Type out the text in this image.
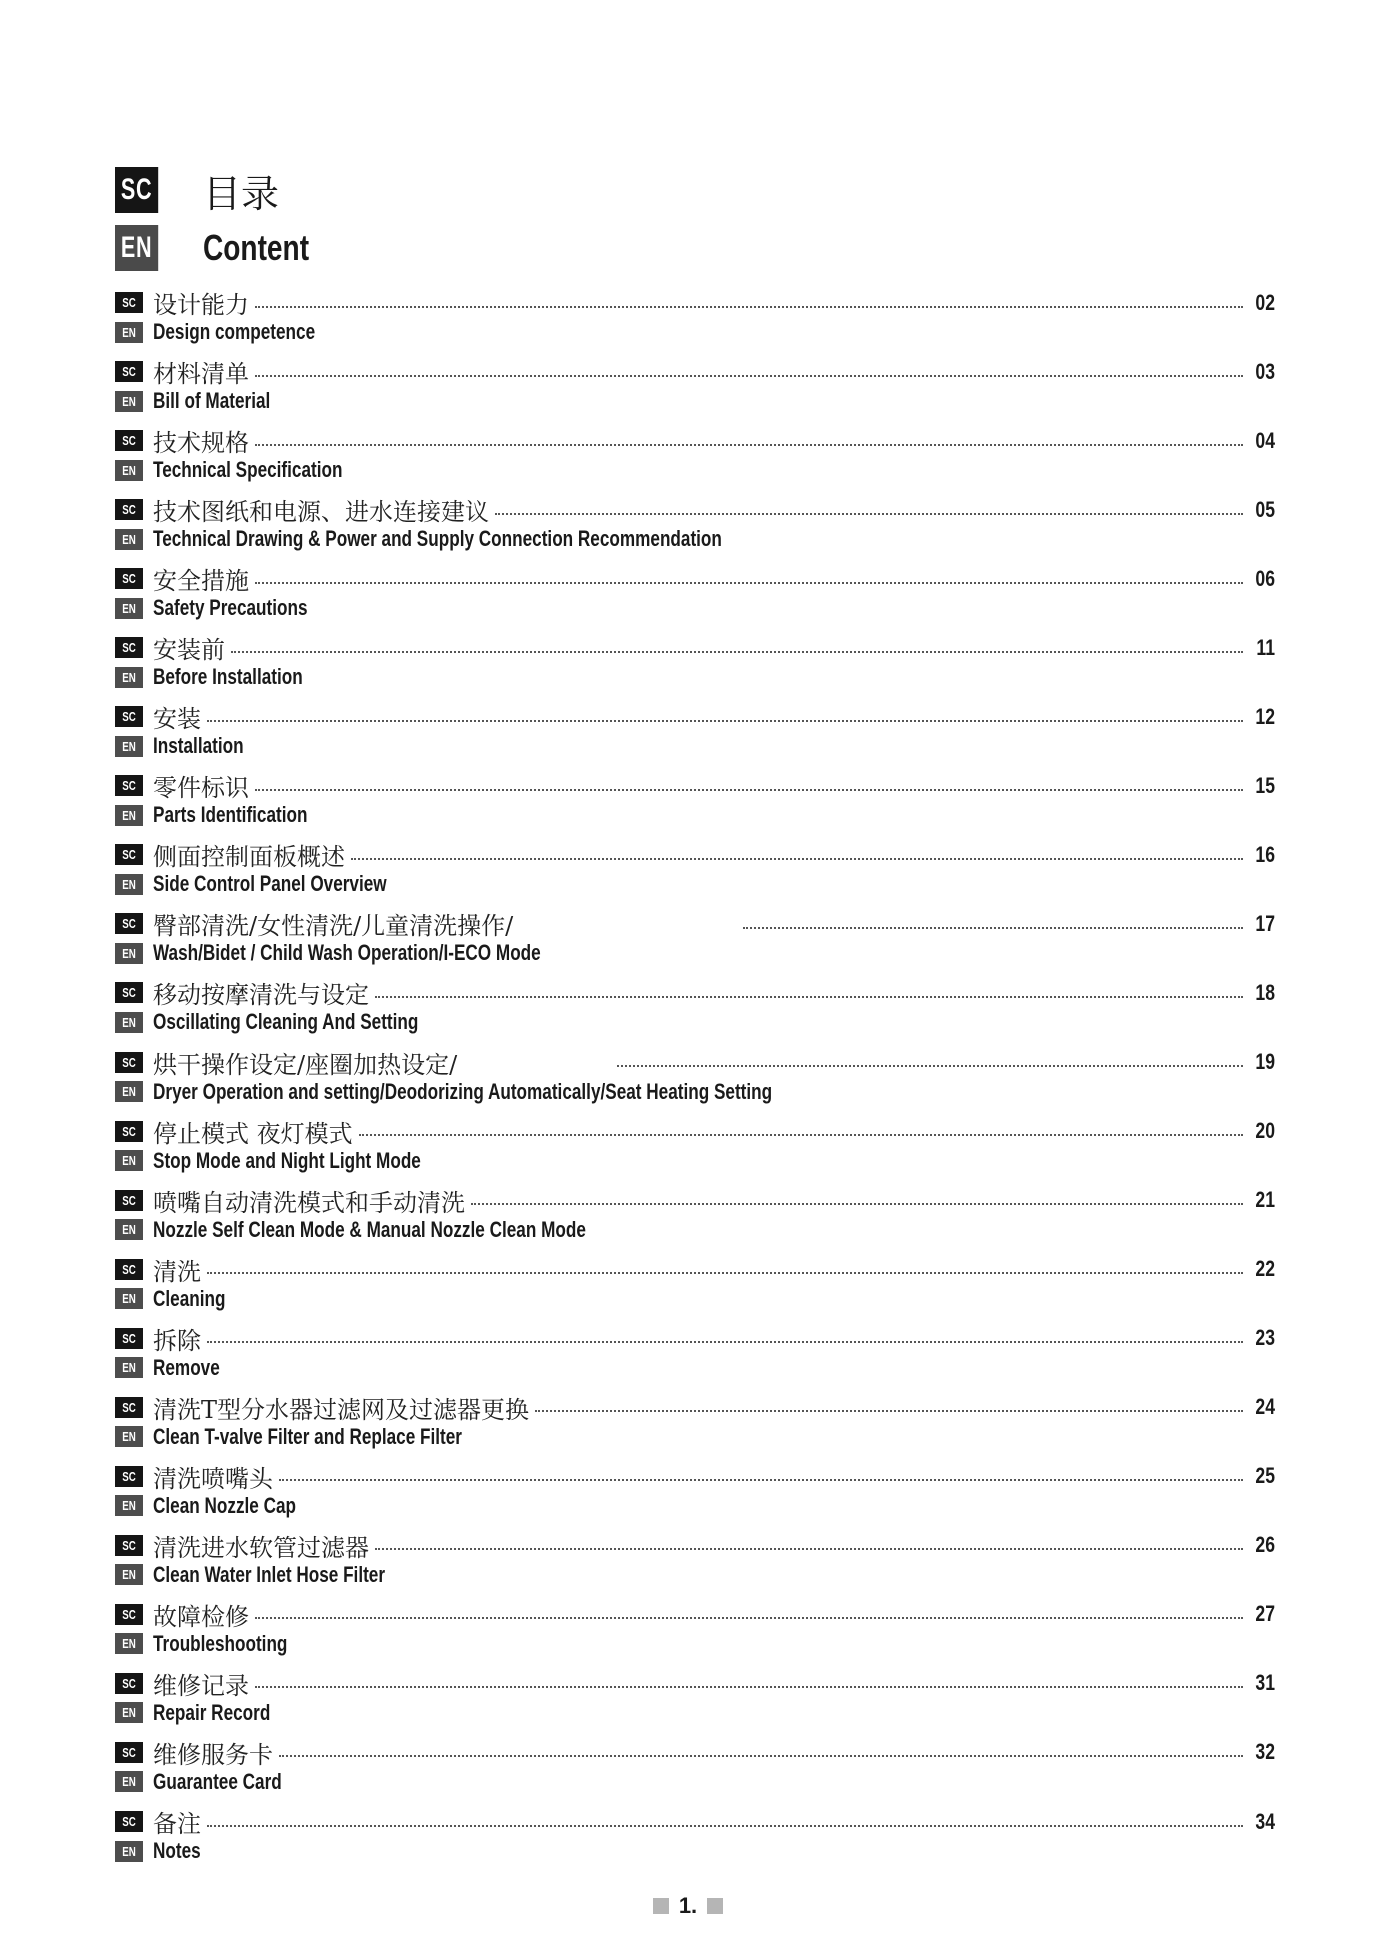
SC 目录
EN Content
SC 设计能力	02
EN Design competence
SC 材料清单	03
EN Bill of Material
SC 技术规格	04
EN Technical Specification
SC 技术图纸和电源、进水连接建议	05
EN Technical Drawing & Power and Supply Connection Recommendation
SC 安全措施	06
EN Safety Precautions
SC 安装前	11
EN Before Installation
SC 安装	12
EN Installation
SC 零件标识	15
EN Parts Identification
SC 侧面控制面板概述	16
EN Side Control Panel Overview
SC 臀部清洗/女性清洗/儿童清洗操作/	17
EN Wash/Bidet / Child Wash Operation/I-ECO Mode
SC 移动按摩清洗与设定	18
EN Oscillating Cleaning And Setting
SC 烘干操作设定/座圈加热设定/	19
EN Dryer Operation and setting/Deodorizing Automatically/Seat Heating Setting
SC 停止模式 夜灯模式	20
EN Stop Mode and Night Light Mode
SC 喷嘴自动清洗模式和手动清洗	21
EN Nozzle Self Clean Mode & Manual Nozzle Clean Mode
SC 清洗	22
EN Cleaning
SC 拆除	23
EN Remove
SC 清洗T型分水器过滤网及过滤器更换	24
EN Clean T-valve Filter and Replace Filter
SC 清洗喷嘴头	25
EN Clean Nozzle Cap
SC 清洗进水软管过滤器	26
EN Clean Water Inlet Hose Filter
SC 故障检修	27
EN Troubleshooting
SC 维修记录	31
EN Repair Record
SC 维修服务卡	32
EN Guarantee Card
SC 备注	34
EN Notes
1.
